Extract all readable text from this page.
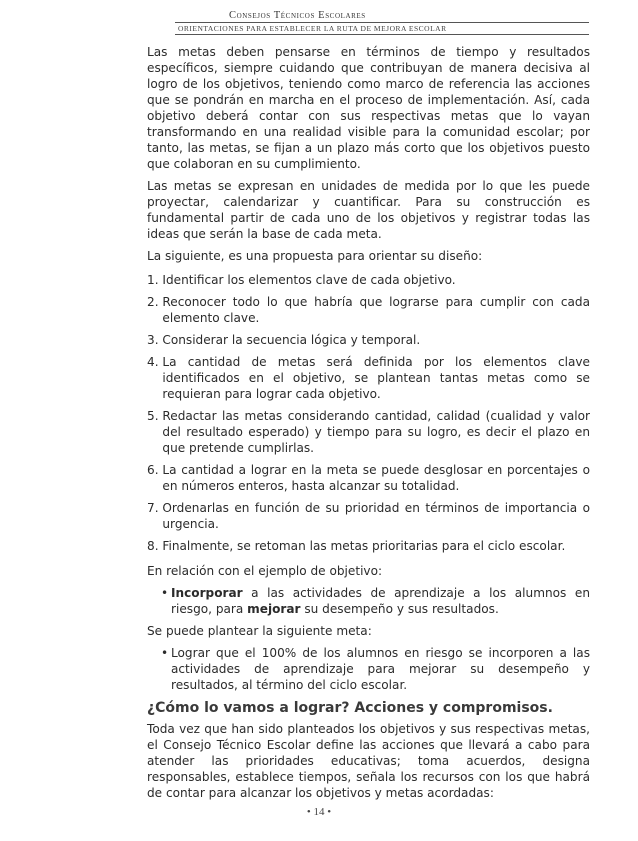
Consejos Técnicos Escolares
ORIENTACIONES PARA ESTABLECER LA RUTA DE MEJORA ESCOLAR

Las metas deben pensarse en términos de tiempo y resultados específicos, siempre cuidando que contribuyan de manera decisiva al logro de los objetivos, teniendo como marco de referencia las acciones que se pondrán en marcha en el proceso de implementación. Así, cada objetivo deberá contar con sus respectivas metas que lo vayan transformando en una realidad visible para la comunidad escolar; por tanto, las metas, se fijan a un plazo más corto que los objetivos puesto que colaboran en su cumplimiento.

Las metas se expresan en unidades de medida por lo que les puede proyectar, calendarizar y cuantificar. Para su construcción es fundamental partir de cada uno de los objetivos y registrar todas las ideas que serán la base de cada meta.

La siguiente, es una propuesta para orientar su diseño:

1. Identificar los elementos clave de cada objetivo.
2. Reconocer todo lo que habría que lograrse para cumplir con cada elemento clave.
3. Considerar la secuencia lógica y temporal.
4. La cantidad de metas será definida por los elementos clave identificados en el objetivo, se plantean tantas metas como se requieran para lograr cada objetivo.
5. Redactar las metas considerando cantidad, calidad (cualidad y valor del resultado esperado) y tiempo para su logro, es decir el plazo en que pretende cumplirlas.
6. La cantidad a lograr en la meta se puede desglosar en porcentajes o en números enteros, hasta alcanzar su totalidad.
7. Ordenarlas en función de su prioridad en términos de importancia o urgencia.
8. Finalmente, se retoman las metas prioritarias para el ciclo escolar.

En relación con el ejemplo de objetivo:

• Incorporar a las actividades de aprendizaje a los alumnos en riesgo, para mejorar su desempeño y sus resultados.

Se puede plantear la siguiente meta:

• Lograr que el 100% de los alumnos en riesgo se incorporen a las actividades de aprendizaje para mejorar su desempeño y resultados, al término del ciclo escolar.
¿Cómo lo vamos a lograr? Acciones y compromisos.

Toda vez que han sido planteados los objetivos y sus respectivas metas, el Consejo Técnico Escolar define las acciones que llevará a cabo para atender las prioridades educativas; toma acuerdos, designa responsables, establece tiempos, señala los recursos con los que habrá de contar para alcanzar los objetivos y metas acordadas:

• 14 •
